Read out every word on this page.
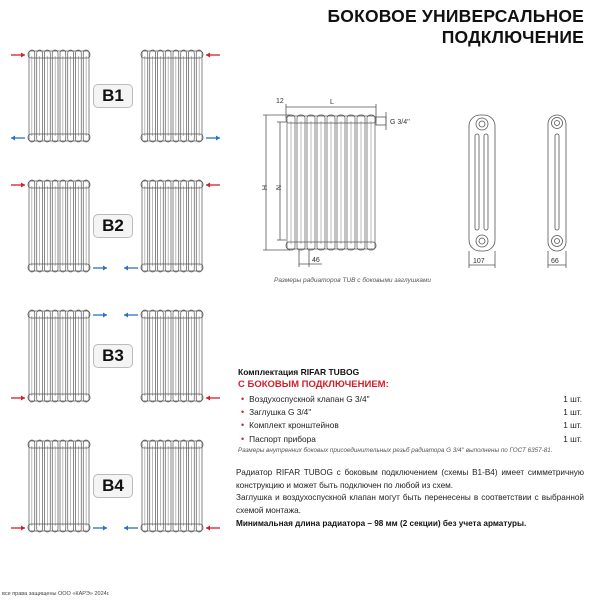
БОКОВОЕ УНИВЕРСАЛЬНОЕ
ПОДКЛЮЧЕНИЕ
B1
B2
B3
B4
12	L
H N
46
G 3/4''
107	66
Размеры радиаторов TUB с боковыми заглушками
Комплектация RIFAR TUBOG
С БОКОВЫМ ПОДКЛЮЧЕНИЕМ:
• Воздухоспускной клапан G 3/4''	1 шт.
• Заглушка G 3/4''	1 шт.
• Комплект кронштейнов	1 шт.
• Паспорт прибора	1 шт.
Размеры внутренних боковых присоединительных резьб радиатора G 3/4'' выполнены по ГОСТ 6357-81.
Радиатор RIFAR TUBOG с боковым подключением (схемы B1-B4) имеет симметричную конструкцию и может быть подключен по любой из схем.
Заглушка и воздухоспускной клапан могут быть перенесены в соответствии с выбранной схемой монтажа.
Минимальная длина радиатора – 98 мм (2 секции) без учета арматуры.
все права защищены ООО «КАРЭ» 2024г.
